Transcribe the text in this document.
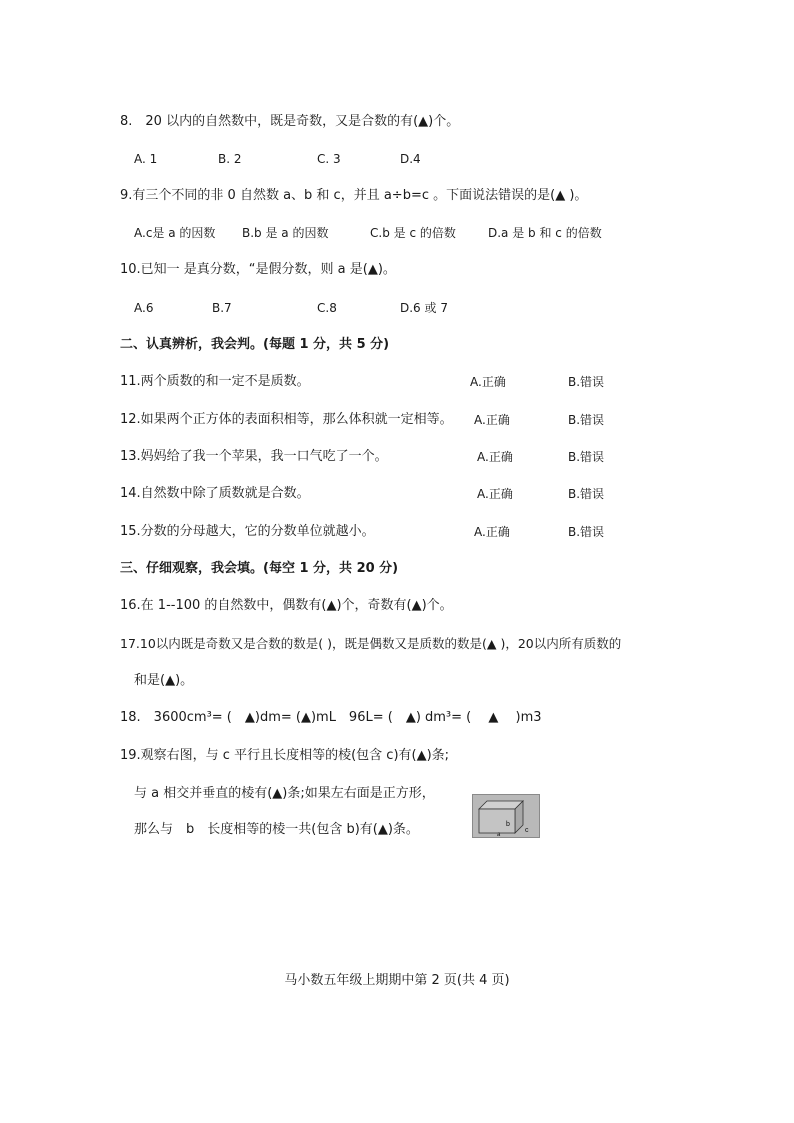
8.　20 以内的自然数中，既是奇数，又是合数的有(▲)个。
A. 1	B. 2	C. 3	D.4
9.有三个不同的非 0 自然数 a、b 和 c，并且 a÷b=c 。下面说法错误的是(▲ )。
A.c是 a 的因数 B.b 是 a 的因数	C.b 是 c 的倍数	D.a 是 b 和 c 的倍数
10.已知一 是真分数，“是假分数，则 a 是(▲)。
A.6	B.7	C.8	D.6 或 7
二、认真辨析，我会判。(每题 1 分，共 5 分)
11.两个质数的和一定不是质数。	A.正确	B.错误
12.如果两个正方体的表面积相等，那么体积就一定相等。 A.正确	B.错误
13.妈妈给了我一个苹果，我一口气吃了一个。	A.正确	B.错误
14.自然数中除了质数就是合数。	A.正确	B.错误
15.分数的分母越大，它的分数单位就越小。	A.正确	B.错误
三、仔细观察，我会填。(每空 1 分，共 20 分)
16.在 1--100 的自然数中，偶数有(▲)个，奇数有(▲)个。
17.10以内既是奇数又是合数的数是( )，既是偶数又是质数的数是(▲ )，20以内所有质数的
和是(▲)。
18.　3600cm³= (　▲)dm= (▲)mL　96L= (　▲) dm³= (　 ▲ 　)m3
19.观察右图，与 c 平行且长度相等的棱(包含 c)有(▲)条;
与 a 相交并垂直的棱有(▲)条;如果左右面是正方形，
那么与　b　长度相等的棱一共(包含 b)有(▲)条。	b
c
a
马小数五年级上期期中第 2 页(共 4 页)
